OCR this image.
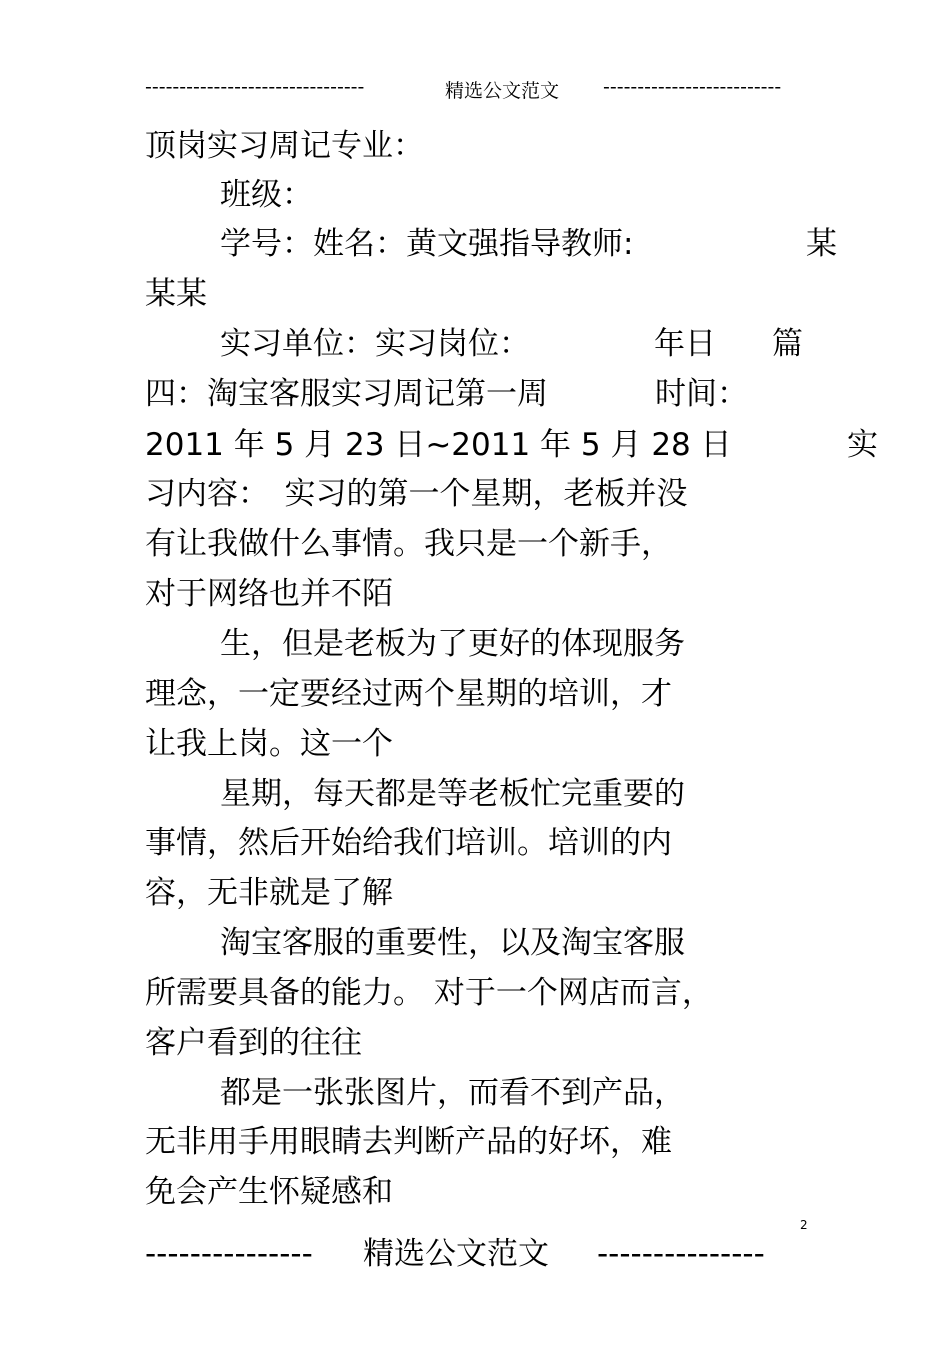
--------------------------------	精选公文范文 --------------------------
顶岗实习周记专业：
班级：
学号：姓名：黄文强指导教师:	某
某某
实习单位：实习岗位：	年日 篇
四：淘宝客服实习周记第一周	时间：
2011 年 5 月 23 日~2011 年 5 月 28 日	实
习内容：　实习的第一个星期，老板并没
有让我做什么事情。我只是一个新手，
对于网络也并不陌
生，但是老板为了更好的体现服务
理念，一定要经过两个星期的培训，才
让我上岗。这一个
星期，每天都是等老板忙完重要的
事情，然后开始给我们培训。培训的内
容，无非就是了解
淘宝客服的重要性，以及淘宝客服
所需要具备的能力。 对于一个网店而言，
客户看到的往往
都是一张张图片，而看不到产品，
无非用手用眼睛去判断产品的好坏，难
免会产生怀疑感和
2
---------------	精选公文范文 ---------------
